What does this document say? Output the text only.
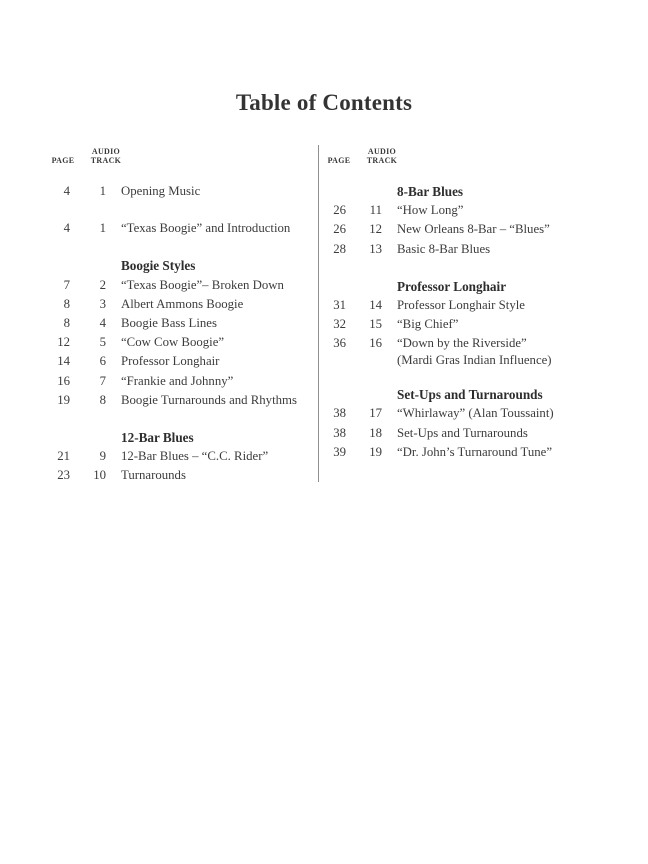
Table of Contents
PAGE
AUDIO
TRACK
4	1 Opening Music
4	1 “Texas Boogie” and Introduction
Boogie Styles
7	2 “Texas Boogie”– Broken Down
8	3 Albert Ammons Boogie
8	4 Boogie Bass Lines
12	5 “Cow Cow Boogie”
14	6 Professor Longhair
16	7 “Frankie and Johnny”
19	8 Boogie Turnarounds and Rhythms
12-Bar Blues
21	9 12-Bar Blues – “C.C. Rider”
23	10 Turnarounds
PAGE
AUDIO
TRACK
8-Bar Blues
26	11 “How Long”
26	12 New Orleans 8-Bar – “Blues”
28	13 Basic 8-Bar Blues
Professor Longhair
31	14 Professor Longhair Style
32	15 “Big Chief”
36	16 “Down by the Riverside”
(Mardi Gras Indian Influence)
Set-Ups and Turnarounds
38	17 “Whirlaway” (Alan Toussaint)
38	18 Set-Ups and Turnarounds
39	19 “Dr. John’s Turnaround Tune”
